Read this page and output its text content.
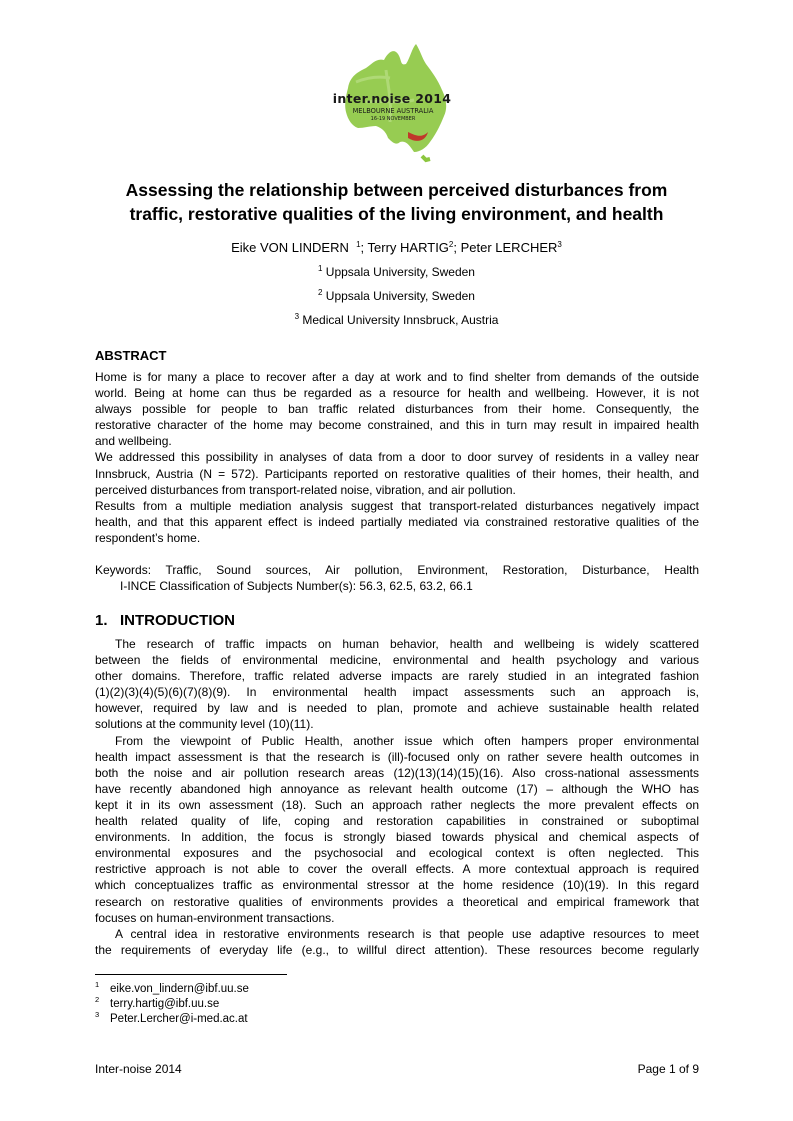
inter.noise 2014
MELBOURNE AUSTRALIA
16-19 NOVEMBER
Assessing the relationship between perceived disturbances from
traffic, restorative qualities of the living environment, and health
Eike VON LINDERN $^1$; Terry HARTIG$^2$; Peter LERCHER$^3$
$^1$ Uppsala University, Sweden
$^2$ Uppsala University, Sweden
$^3$ Medical University Innsbruck, Austria
ABSTRACT
Home is for many a place to recover after a day at work and to find shelter from demands of the outside
world. Being at home can thus be regarded as a resource for health and wellbeing. However, it is not
always possible for people to ban traffic related disturbances from their home. Consequently, the
restorative character of the home may become constrained, and this in turn may result in impaired health
and wellbeing.
We addressed this possibility in analyses of data from a door to door survey of residents in a valley near
Innsbruck, Austria (N = 572). Participants reported on restorative qualities of their homes, their health, and
perceived disturbances from transport-related noise, vibration, and air pollution.
Results from a multiple mediation analysis suggest that transport-related disturbances negatively impact
health, and that this apparent effect is indeed partially mediated via constrained restorative qualities of the
respondent’s home.
Keywords: Traffic, Sound sources, Air pollution, Environment, Restoration, Disturbance, Health
I-INCE Classification of Subjects Number(s): 56.3, 62.5, 63.2, 66.1
1.   INTRODUCTION
The research of traffic impacts on human behavior, health and wellbeing is widely scattered
between the fields of environmental medicine, environmental and health psychology and various
other domains. Therefore, traffic related adverse impacts are rarely studied in an integrated fashion
(1)(2)(3)(4)(5)(6)(7)(8)(9). In environmental health impact assessments such an approach is,
however, required by law and is needed to plan, promote and achieve sustainable health related
solutions at the community level (10)(11).
From the viewpoint of Public Health, another issue which often hampers proper environmental
health impact assessment is that the research is (ill)-focused only on rather severe health outcomes in
both the noise and air pollution research areas (12)(13)(14)(15)(16). Also cross-national assessments
have recently abandoned high annoyance as relevant health outcome (17) – although the WHO has
kept it in its own assessment (18). Such an approach rather neglects the more prevalent effects on
health related quality of life, coping and restoration capabilities in constrained or suboptimal
environments. In addition, the focus is strongly biased towards physical and chemical aspects of
environmental exposures and the psychosocial and ecological context is often neglected. This
restrictive approach is not able to cover the overall effects. A more contextual approach is required
which conceptualizes traffic as environmental stressor at the home residence (10)(19). In this regard
research on restorative qualities of environments provides a theoretical and empirical framework that
focuses on human-environment transactions.
A central idea in restorative environments research is that people use adaptive resources to meet
the requirements of everyday life (e.g., to willful direct attention). These resources become regularly
$^1$ eike.von_lindern@ibf.uu.se
$^2$ terry.hartig@ibf.uu.se
$^3$ Peter.Lercher@i-med.ac.at
Inter-noise 2014	Page 1 of 9
